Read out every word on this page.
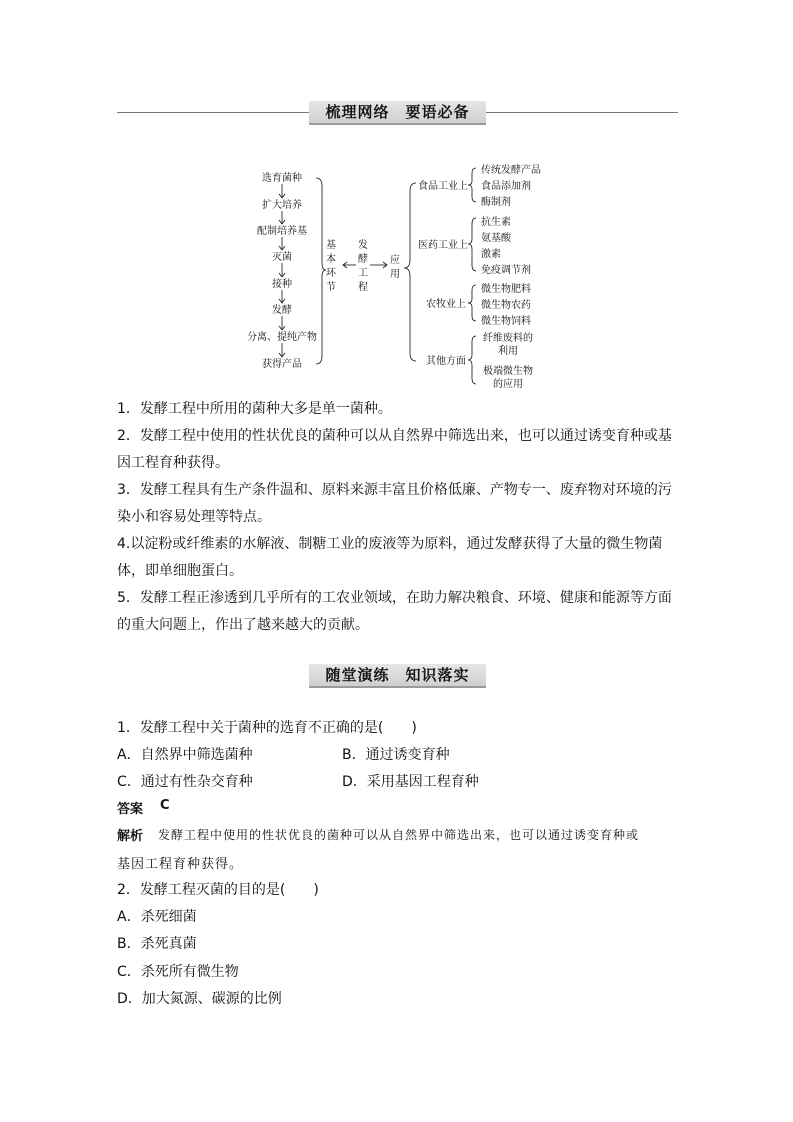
梳理网络　要语必备
选育菌种
扩大培养
配制培养基
灭菌
接种
发酵
分离、提纯产物
获得产品
基
本
环
节
发
酵
工
程
应
用
食品工业上
医药工业上
农牧业上
其他方面
传统发酵产品
食品添加剂
酶制剂
抗生素
氨基酸
激素
免疫调节剂
微生物肥料
微生物农药
微生物饲料
纤维废料的
利用
极端微生物
的应用

1．发酵工程中所用的菌种大多是单一菌种。

2．发酵工程中使用的性状优良的菌种可以从自然界中筛选出来，也可以通过诱变育种或基因工程育种获得。

3．发酵工程具有生产条件温和、原料来源丰富且价格低廉、产物专一、废弃物对环境的污染小和容易处理等特点。

4.以淀粉或纤维素的水解液、制糖工业的废液等为原料，通过发酵获得了大量的微生物菌体，即单细胞蛋白。

5．发酵工程正渗透到几乎所有的工农业领域，在助力解决粮食、环境、健康和能源等方面的重大问题上，作出了越来越大的贡献。

随堂演练　知识落实
1．发酵工程中关于菌种的选育不正确的是(　　)
A．自然界中筛选菌种	B．通过诱变育种
C．通过有性杂交育种	D．采用基因工程育种
答案 C
解析 发酵工程中使用的性状优良的菌种可以从自然界中筛选出来，也可以通过诱变育种或
基因工程育种获得。
2．发酵工程灭菌的目的是(　　)
A．杀死细菌
B．杀死真菌
C．杀死所有微生物
D．加大氮源、碳源的比例
